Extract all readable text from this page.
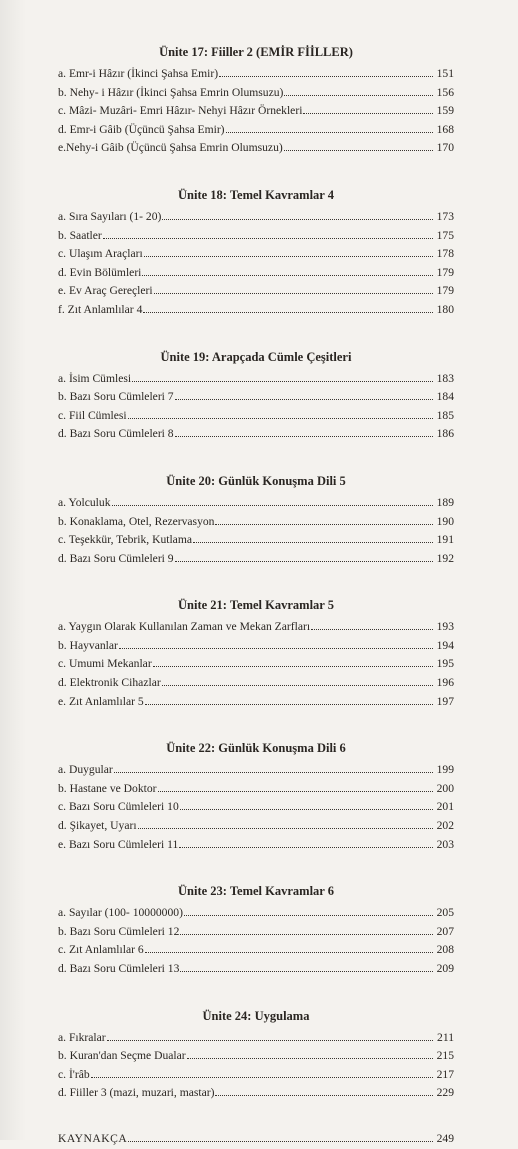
Ünite 17: Fiiller 2 (EMİR FİİLLER)
a. Emr-i Hâzır (İkinci Şahsa Emir)	151
b. Nehy- i Hâzır (İkinci Şahsa Emrin Olumsuzu)	156
c. Mâzi- Muzâri- Emri Hâzır- Nehyi Hâzır Örnekleri	159
d. Emr-i Gâib (Üçüncü Şahsa Emir)	168
e.Nehy-i Gâib (Üçüncü Şahsa Emrin Olumsuzu)	170
Ünite 18: Temel Kavramlar 4
a. Sıra Sayıları (1- 20)	173
b. Saatler	175
c. Ulaşım Araçları	178
d. Evin Bölümleri	179
e. Ev Araç Gereçleri	179
f. Zıt Anlamlılar 4	180
Ünite 19: Arapçada Cümle Çeşitleri
a. İsim Cümlesi	183
b. Bazı Soru Cümleleri 7	184
c. Fiil Cümlesi	185
d. Bazı Soru Cümleleri 8	186
Ünite 20: Günlük Konuşma Dili 5
a. Yolculuk	189
b. Konaklama, Otel, Rezervasyon	190
c. Teşekkür, Tebrik, Kutlama	191
d. Bazı Soru Cümleleri 9	192
Ünite 21: Temel Kavramlar 5
a. Yaygın Olarak Kullanılan Zaman ve Mekan Zarfları	193
b. Hayvanlar	194
c. Umumi Mekanlar	195
d. Elektronik Cihazlar	196
e. Zıt Anlamlılar 5	197
Ünite 22: Günlük Konuşma Dili 6
a. Duygular	199
b. Hastane ve Doktor	200
c. Bazı Soru Cümleleri 10	201
d. Şikayet, Uyarı	202
e. Bazı Soru Cümleleri 11	203
Ünite 23: Temel Kavramlar 6
a. Sayılar (100- 10000000)	205
b. Bazı Soru Cümleleri 12	207
c. Zıt Anlamlılar 6	208
d. Bazı Soru Cümleleri 13	209
Ünite 24: Uygulama
a. Fıkralar	211
b. Kuran'dan Seçme Dualar	215
c. İ'râb	217
d. Fiiller 3 (mazi, muzari, mastar)	229
KAYNAKÇA	249
